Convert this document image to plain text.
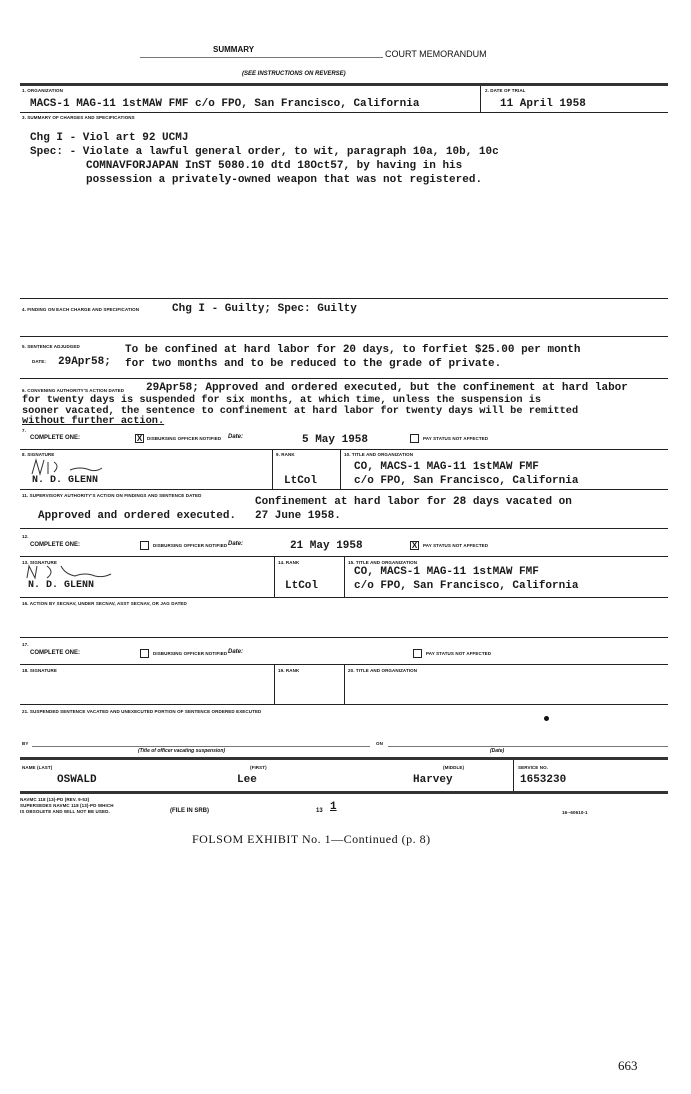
SUMMARY	COURT MEMORANDUM
(SEE INSTRUCTIONS ON REVERSE)
1. ORGANIZATION
MACS-1 MAG-11 1stMAW FMF c/o FPO, San Francisco, California
2. DATE OF TRIAL
11 April 1958
3. SUMMARY OF CHARGES AND SPECIFICATIONS
Chg I - Viol art 92 UCMJ
Spec: - Violate a lawful general order, to wit, paragraph 10a, 10b, 10c
COMNAVFORJAPAN InST 5080.10 dtd 18Oct57, by having in his
possession a privately-owned weapon that was not registered.
4. FINDING ON EACH CHARGE AND SPECIFICATION	Chg I - Guilty; Spec: Guilty
5. SENTENCE ADJUDGED
DATE: 29Apr58;
To be confined at hard labor for 20 days, to forfiet $25.00 per month
for two months and to be reduced to the grade of private.
6. CONVENING AUTHORITY'S ACTION DATED 29Apr58; Approved and ordered executed, but the confinement at hard labor
for twenty days is suspended for six months, at which time, unless the suspension is
sooner vacated, the sentence to confinement at hard labor for twenty days will be remitted
without further action.
7.
COMPLETE ONE:	X	DISBURSING OFFICER NOTIFIED Date:	5 May 1958	PAY STATUS NOT AFFECTED
8. SIGNATURE
N. D. GLENN
9. RANK
LtCol
10. TITLE AND ORGANIZATION
CO, MACS-1 MAG-11 1stMAW FMF
c/o FPO, San Francisco, California
11. SUPERVISORY AUTHORITY'S ACTION ON FINDINGS AND SENTENCE DATED
Confinement at hard labor for 28 days vacated on
Approved and ordered executed. 27 June 1958.
12.
COMPLETE ONE:	DISBURSING OFFICER NOTIFIED Date:	21 May 1958	X	PAY STATUS NOT AFFECTED
13. SIGNATURE
N. D. GLENN
14. RANK
LtCol
15. TITLE AND ORGANIZATION
CO, MACS-1 MAG-11 1stMAW FMF
c/o FPO, San Francisco, California
16. ACTION BY SECNAV, UNDER SECNAV, ASST SECNAV, OR JAG DATED
17.
COMPLETE ONE:	DISBURSING OFFICER NOTIFIED Date:	PAY STATUS NOT AFFECTED
18. SIGNATURE	19. RANK	20. TITLE AND ORGANIZATION
21. SUSPENDED SENTENCE VACATED AND UNEXECUTED PORTION OF SENTENCE ORDERED EXECUTED
BY
(Title of officer vacating suspension)
ON
(Date)
NAME (LAST)	(FIRST)	(MIDDLE)	SERVICE NO.
OSWALD	Lee	Harvey	1653230
NAVMC 118 (13)-PD (REV. 9-53)
SUPERSEDES NAVMC 118 (13)-PD WHICH
IS OBSOLETE AND WILL NOT BE USED.	(FILE IN SRB)	13 1	16--60610-1
FOLSOM EXHIBIT No. 1—Continued (p. 8)
663
